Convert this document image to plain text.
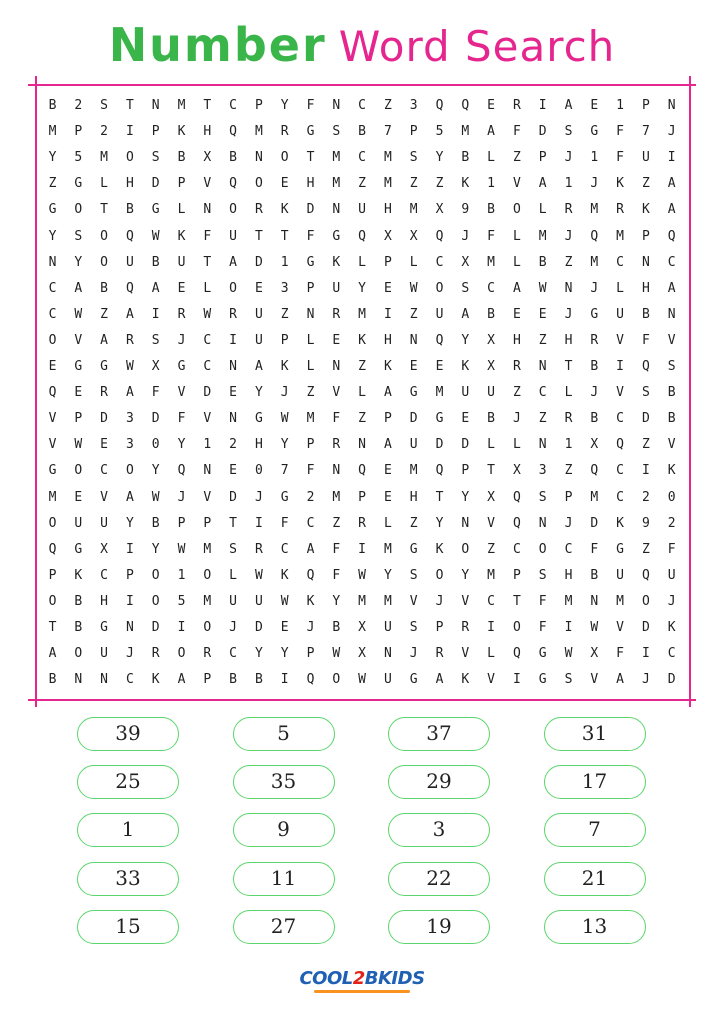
Number Word Search
B	2	S	T	N	M	T	C	P	Y	F	N	C	Z	3	Q	Q	E	R	I	A	E	1	P	N
M	P	2	I	P	K	H	Q	M	R	G	S	B	7	P	5	M	A	F	D	S	G	F	7	J
Y	5	M	O	S	B	X	B	N	O	T	M	C	M	S	Y	B	L	Z	P	J	1	F	U	I
Z	G	L	H	D	P	V	Q	O	E	H	M	Z	M	Z	Z	K	1	V	A	1	J	K	Z	A
G	O	T	B	G	L	N	O	R	K	D	N	U	H	M	X	9	B	O	L	R	M	R	K	A
Y	S	O	Q	W	K	F	U	T	T	F	G	Q	X	X	Q	J	F	L	M	J	Q	M	P	Q
N	Y	O	U	B	U	T	A	D	1	G	K	L	P	L	C	X	M	L	B	Z	M	C	N	C
C	A	B	Q	A	E	L	O	E	3	P	U	Y	E	W	O	S	C	A	W	N	J	L	H	A
C	W	Z	A	I	R	W	R	U	Z	N	R	M	I	Z	U	A	B	E	E	J	G	U	B	N
O	V	A	R	S	J	C	I	U	P	L	E	K	H	N	Q	Y	X	H	Z	H	R	V	F	V
E	G	G	W	X	G	C	N	A	K	L	N	Z	K	E	E	K	X	R	N	T	B	I	Q	S
Q	E	R	A	F	V	D	E	Y	J	Z	V	L	A	G	M	U	U	Z	C	L	J	V	S	B
V	P	D	3	D	F	V	N	G	W	M	F	Z	P	D	G	E	B	J	Z	R	B	C	D	B
V	W	E	3	0	Y	1	2	H	Y	P	R	N	A	U	D	D	L	L	N	1	X	Q	Z	V
G	O	C	O	Y	Q	N	E	0	7	F	N	Q	E	M	Q	P	T	X	3	Z	Q	C	I	K
M	E	V	A	W	J	V	D	J	G	2	M	P	E	H	T	Y	X	Q	S	P	M	C	2	0
O	U	U	Y	B	P	P	T	I	F	C	Z	R	L	Z	Y	N	V	Q	N	J	D	K	9	2
Q	G	X	I	Y	W	M	S	R	C	A	F	I	M	G	K	O	Z	C	O	C	F	G	Z	F
P	K	C	P	O	1	O	L	W	K	Q	F	W	Y	S	O	Y	M	P	S	H	B	U	Q	U
O	B	H	I	O	5	M	U	U	W	K	Y	M	M	V	J	V	C	T	F	M	N	M	O	J
T	B	G	N	D	I	O	J	D	E	J	B	X	U	S	P	R	I	O	F	I	W	V	D	K
A	O	U	J	R	O	R	C	Y	Y	P	W	X	N	J	R	V	L	Q	G	W	X	F	I	C
B	N	N	C	K	A	P	B	B	I	Q	O	W	U	G	A	K	V	I	G	S	V	A	J	D
39	5	37	31
25	35	29	17
1	9	3	7
33	11	22	21
15	27	19	13
COOL2BKIDS
